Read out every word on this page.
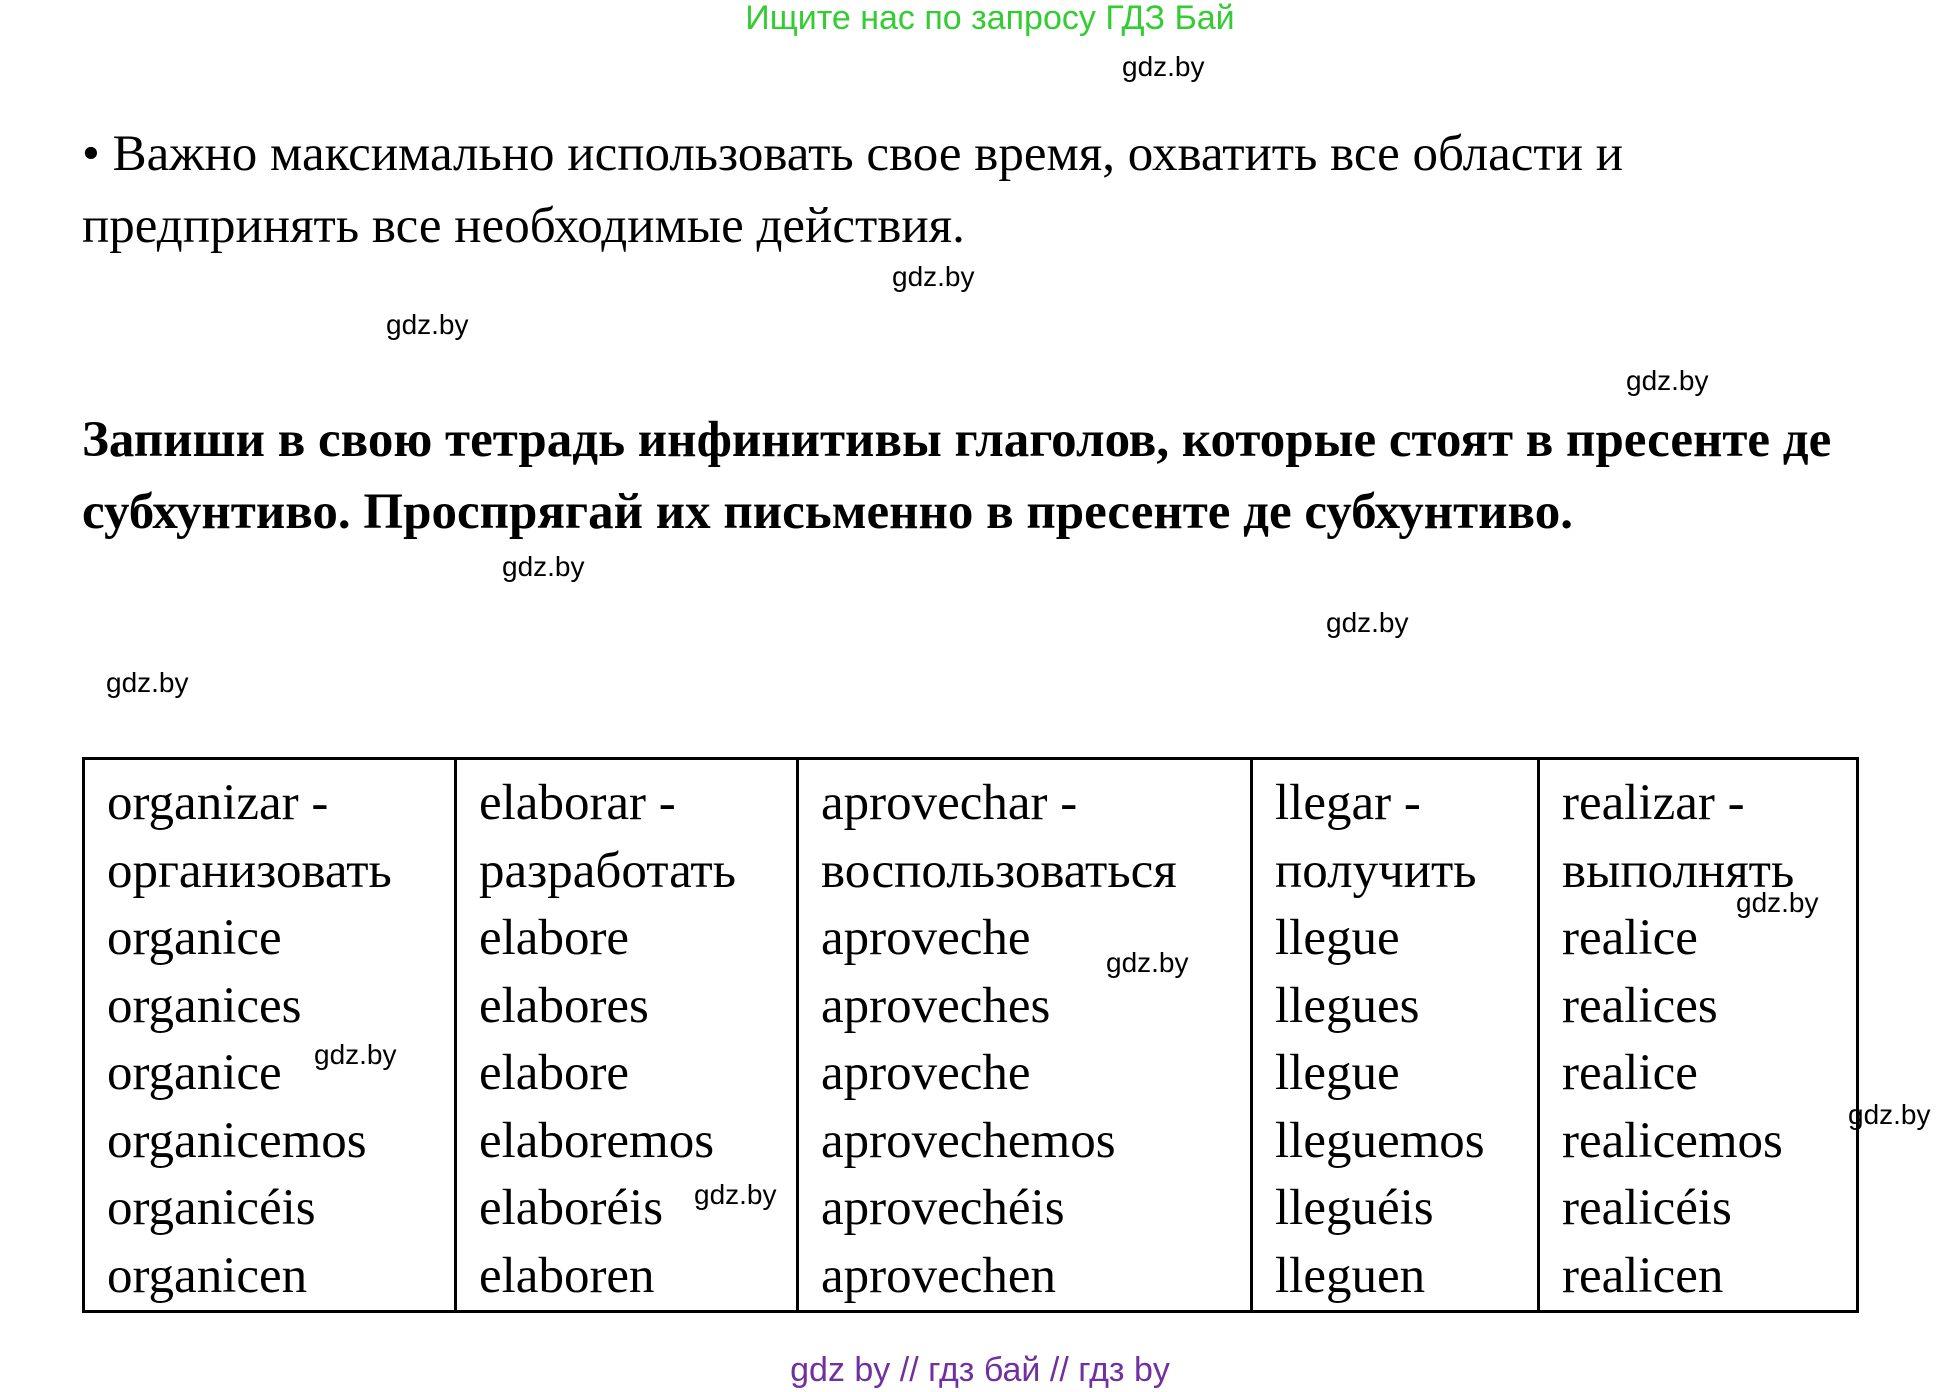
Ищите нас по запросу ГДЗ Бай
gdz.by
• Важно максимально использовать свое время, охватить все области и предпринять все необходимые действия.
gdz.by
gdz.by
gdz.by
Запиши в свою тетрадь инфинитивы глаголов, которые стоят в пресенте де субхунтиво. Проспрягай их письменно в пресенте де субхунтиво.
gdz.by
gdz.by
gdz.by
organizar -
организовать
organice
organices
organice
organicemos
organicéis
organicen

elaborar -
разработать
elabore
elabores
elabore
elaboremos
elaboréis
elaboren

aprovechar -
воспользоваться
aproveche
aproveches
aproveche
aprovechemos
aprovechéis
aprovechen

llegar -
получить
llegue
llegues
llegue
lleguemos
lleguéis
lleguen

realizar -
выполнять
realice
realices
realice
realicemos
realicéis
realicen
gdz.by
gdz.by
gdz.by
gdz.by
gdz.by
gdz by // гдз бай // гдз by
